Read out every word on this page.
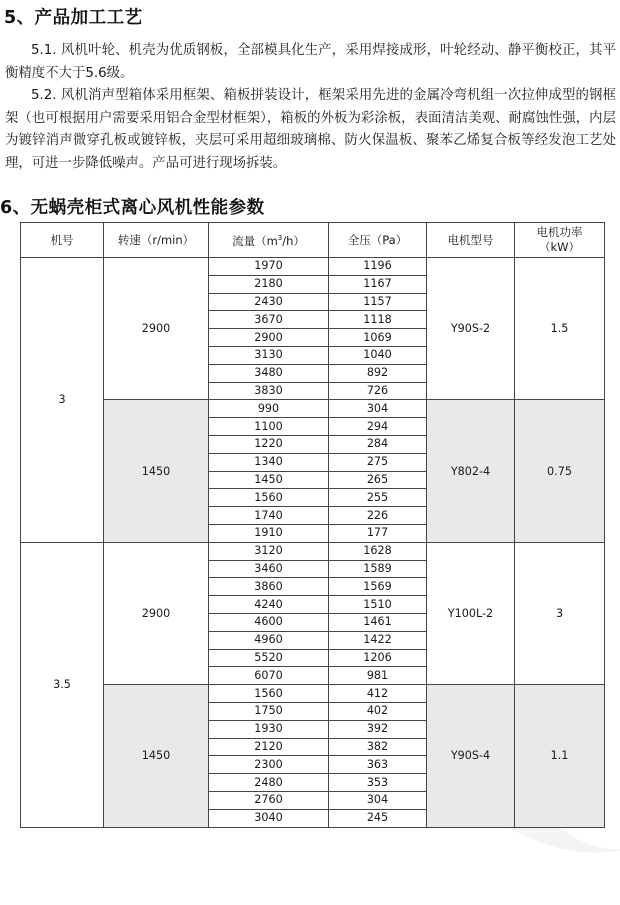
5、产品加工工艺

5.1. 风机叶轮、机壳为优质钢板，全部模具化生产，采用焊接成形，叶轮经动、静平衡校正，其平衡精度不大于5.6级。

5.2. 风机消声型箱体采用框架、箱板拼装设计，框架采用先进的金属冷弯机组一次拉伸成型的钢框架（也可根据用户需要采用铝合金型材框架），箱板的外板为彩涂板，表面清洁美观、耐腐蚀性强，内层为镀锌消声微穿孔板或镀锌板，夹层可采用超细玻璃棉、防火保温板、聚苯乙烯复合板等经发泡工艺处理，可进一步降低噪声。产品可进行现场拆装。

6、无蜗壳柜式离心风机性能参数
机号	转速（r/min）	流量$(m^3/h)$	全压（Pa）	电机型号	电机功率
（kW）
3	2900	1970	1196	Y90S-2	1.5
		2180	1167		
		2430	1157		
		3670	1118		
		2900	1069		
		3130	1040		
		3480	892		
		3830	726		
	1450	990	304	Y802-4	0.75
		1100	294		
		1220	284		
		1340	275		
		1450	265		
		1560	255		
		1740	226		
		1910	177		
3.5	2900	3120	1628	Y100L-2	3
		3460	1589		
		3860	1569		
		4240	1510		
		4600	1461		
		4960	1422		
		5520	1206		
		6070	981		
	1450	1560	412	Y90S-4	1.1
		1750	402		
		1930	392		
		2120	382		
		2300	363		
		2480	353		
		2760	304		
		3040	245		
